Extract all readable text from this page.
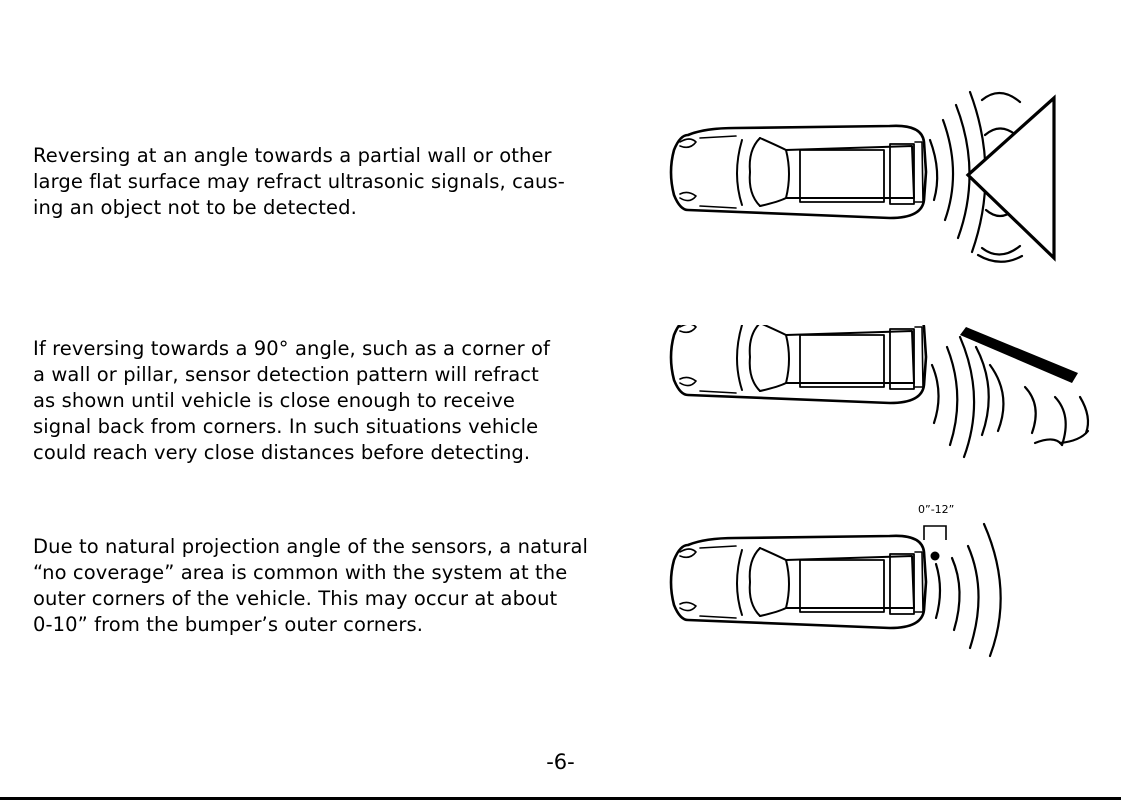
Reversing at an angle towards a partial wall or other
large flat surface may refract ultrasonic signals, caus-
ing an object not to be detected.

If reversing towards a 90° angle, such as a corner of
a wall or pillar, sensor detection pattern will refract
as shown until vehicle is close enough to receive
signal back from corners. In such situations vehicle
could reach very close distances before detecting.

Due to natural projection angle of the sensors, a natural
“no coverage” area is common with the system at the
outer corners of the vehicle. This may occur at about
0-10” from the bumper’s outer corners.

0”-12”
-6-
